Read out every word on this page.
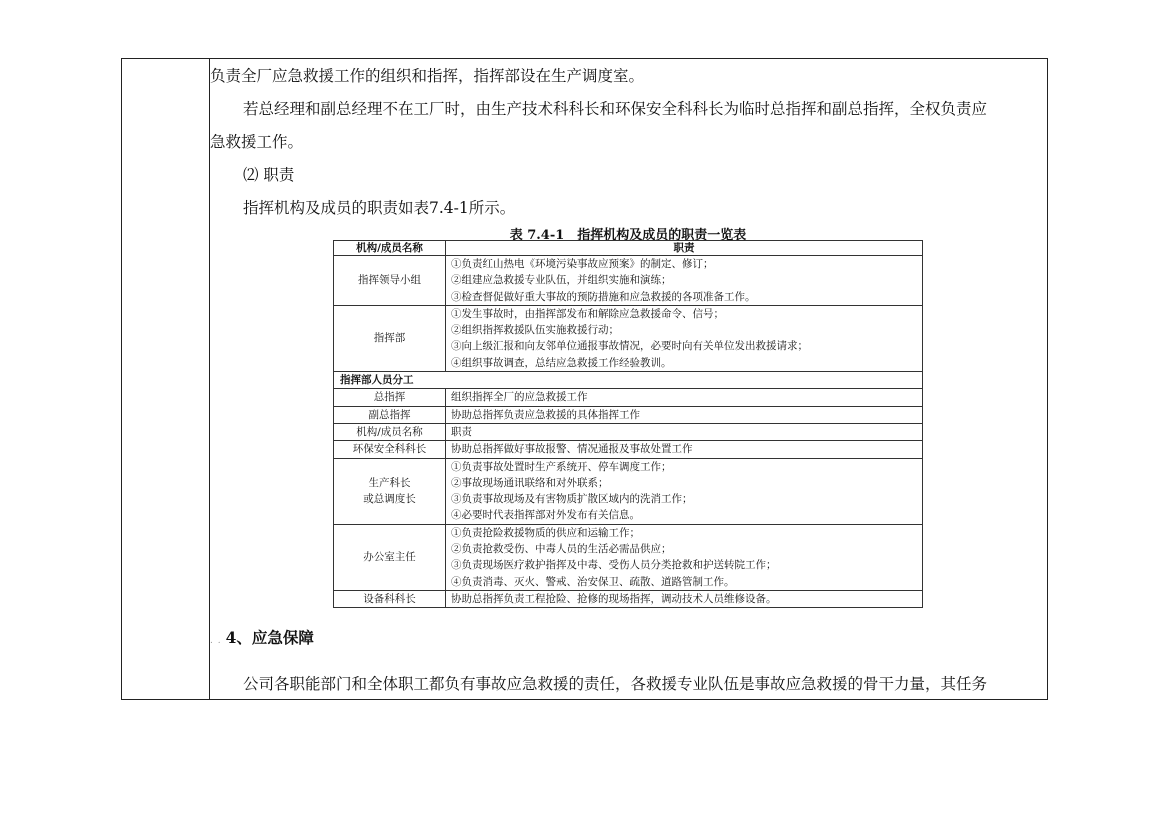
负责全厂应急救援工作的组织和指挥，指挥部设在生产调度室。
若总经理和副总经理不在工厂时，由生产技术科科长和环保安全科科长为临时总指挥和副总指挥，全权负责应
急救援工作。
⑵ 职责
指挥机构及成员的职责如表7.4-1所示。
表 7.4-1　指挥机构及成员的职责一览表
机构/成员名称	职责
指挥领导小组	①负责红山热电《环境污染事故应预案》的制定、修订；
②组建应急救援专业队伍，并组织实施和演练；
③检查督促做好重大事故的预防措施和应急救援的各项准备工作。

指挥部	①发生事故时，由指挥部发布和解除应急救援命令、信号；
②组织指挥救援队伍实施救援行动；
③向上级汇报和向友邻单位通报事故情况，必要时向有关单位发出救援请求；
④组织事故调查，总结应急救援工作经验教训。

指挥部人员分工	
总指挥	组织指挥全厂的应急救援工作
副总指挥	协助总指挥负责应急救援的具体指挥工作
机构/成员名称	职责
环保安全科科长	协助总指挥做好事故报警、情况通报及事故处置工作

生产科长
或总调度长	①负责事故处置时生产系统开、停车调度工作；
②事故现场通讯联络和对外联系；
③负责事故现场及有害物质扩散区域内的洗消工作；
④必要时代表指挥部对外发布有关信息。

办公室主任	①负责抢险救援物质的供应和运输工作；
②负责抢救受伤、中毒人员的生活必需品供应；
③负责现场医疗救护指挥及中毒、受伤人员分类抢救和护送转院工作；
④负责消毒、灭火、警戒、治安保卫、疏散、道路管制工作。

设备科科长	协助总指挥负责工程抢险、抢修的现场指挥，调动技术人员维修设备。
. . 4、应急保障
公司各职能部门和全体职工都负有事故应急救援的责任，各救援专业队伍是事故应急救援的骨干力量，其任务
